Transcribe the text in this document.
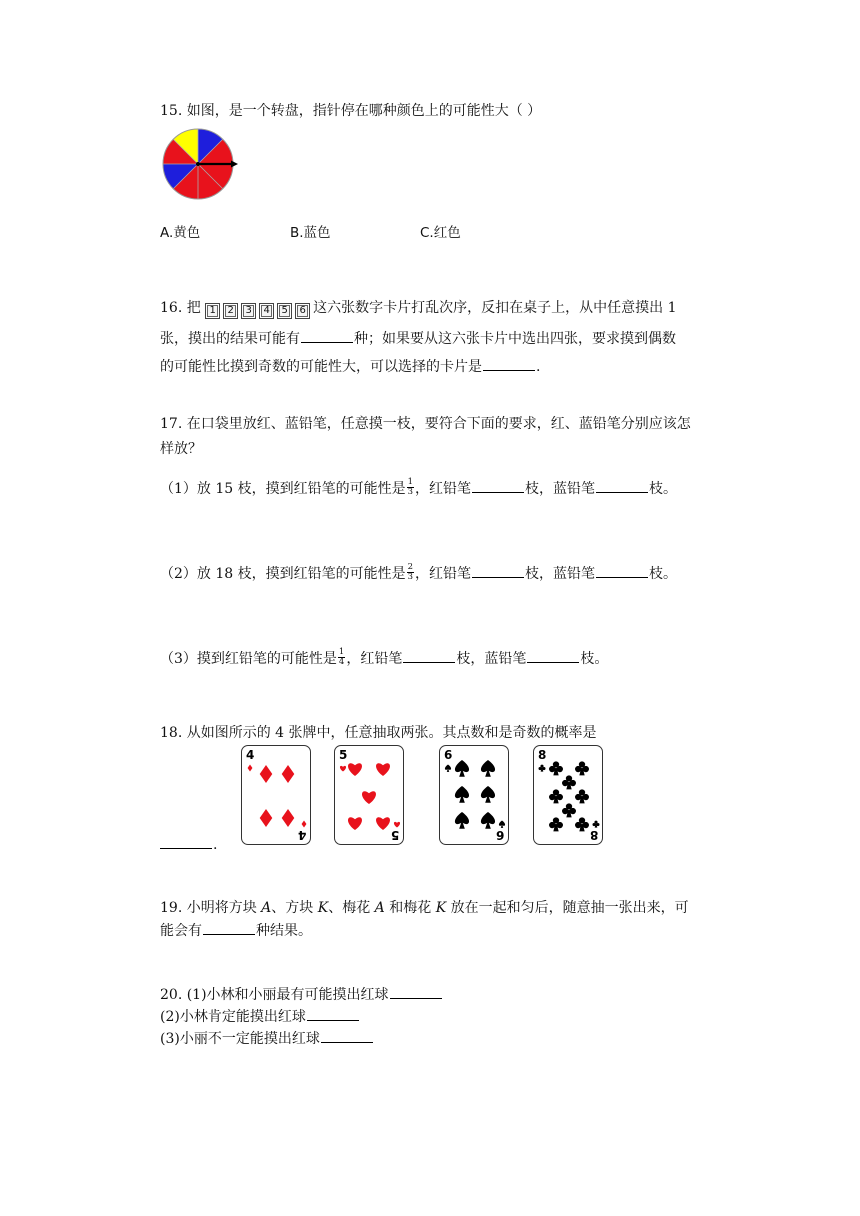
15. 如图，是一个转盘，指针停在哪种颜色上的可能性大（ ）
A.黄色	B.蓝色	C.红色
16. 把 1 2 3 4 5 6 这六张数字卡片打乱次序，反扣在桌子上，从中任意摸出 1
张，摸出的结果可能有	种；如果要从这六张卡片中选出四张，要求摸到偶数
的可能性比摸到奇数的可能性大，可以选择的卡片是	.
17. 在口袋里放红、蓝铅笔，任意摸一枝，要符合下面的要求，红、蓝铅笔分别应该怎
样放？
（1）放 15 枝，摸到红铅笔的可能性是 $\frac{1}{3}$ ，红铅笔	枝，蓝铅笔	枝。
（2）放 18 枝，摸到红铅笔的可能性是 $\frac{2}{3}$ ，红铅笔	枝，蓝铅笔	枝。
（3）摸到红铅笔的可能性是 $\frac{1}{4}$ ，红铅笔	枝，蓝铅笔	枝。
18. 从如图所示的 4 张牌中，任意抽取两张。其点数和是奇数的概率是
4
4
5
5
6
6
8
8
.
19. 小明将方块 A、方块 K、梅花 A 和梅花 K 放在一起和匀后，随意抽一张出来，可
能会有	种结果。
20. (1)小林和小丽最有可能摸出红球
(2)小林肯定能摸出红球
(3)小丽不一定能摸出红球
